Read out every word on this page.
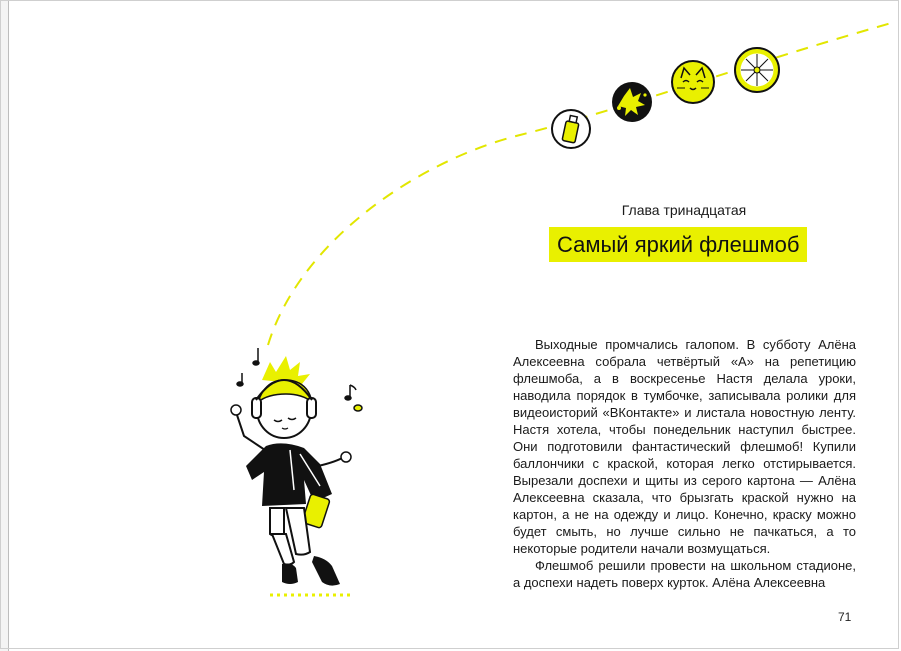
Глава тринадцатая
Самый яркий флешмоб

Выходные промчались галопом. В субботу Алёна Алексеевна собрала четвёртый «А» на репетицию флешмоба, а в воскресенье Настя делала уроки, наводила порядок в тумбочке, записывала ролики для видеоисторий «ВКонтакте» и листала новостную ленту. Настя хотела, чтобы понедельник наступил быстрее. Они подготовили фантастический флешмоб! Купили баллончики с краской, которая легко отстирывается. Вырезали доспехи и щиты из серого картона — Алёна Алексеевна сказала, что брызгать краской нужно на картон, а не на одежду и лицо. Конечно, краску можно будет смыть, но лучше сильно не пачкаться, а то некоторые родители начали возмущаться.

Флешмоб решили провести на школьном стадионе, а доспехи надеть поверх курток. Алёна Алексеевна

71
